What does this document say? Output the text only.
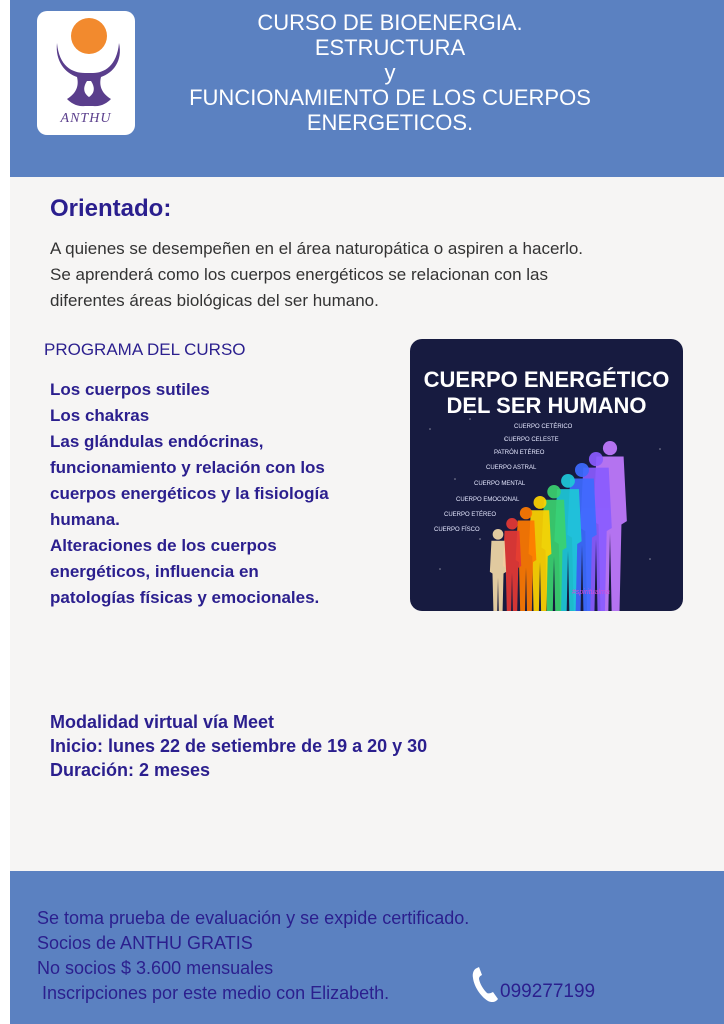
ANTHU
CURSO DE BIOENERGIA.
ESTRUCTURA
y
FUNCIONAMIENTO DE LOS CUERPOS
ENERGETICOS.
Orientado:
A quienes se desempeñen en el área naturopática o aspiren a hacerlo.
Se aprenderá como los cuerpos energéticos se relacionan con las
diferentes áreas biológicas del ser humano.
PROGRAMA DEL CURSO
Los cuerpos sutiles
Los chakras
Las glándulas endócrinas,
funcionamiento y relación con los
cuerpos energéticos y la fisiología
humana.
Alteraciones de los cuerpos
energéticos, influencia en
patologías físicas y emocionales.
CUERPO ENERGÉTICO
DEL SER HUMANO
CUERPO CETÉRICO
CUERPO CELESTE
PATRÓN ETÉREO
CUERPO ASTRAL
CUERPO MENTAL
CUERPO EMOCIONAL
CUERPO ETÉREO
CUERPO FÍSCO
#spiritualma
Modalidad virtual vía Meet
Inicio: lunes 22 de setiembre de 19 a 20 y 30
Duración: 2 meses
Se toma prueba de evaluación y se expide certificado.
Socios de ANTHU GRATIS
No socios $ 3.600 mensuales
Inscripciones por este medio con Elizabeth.	099277199
